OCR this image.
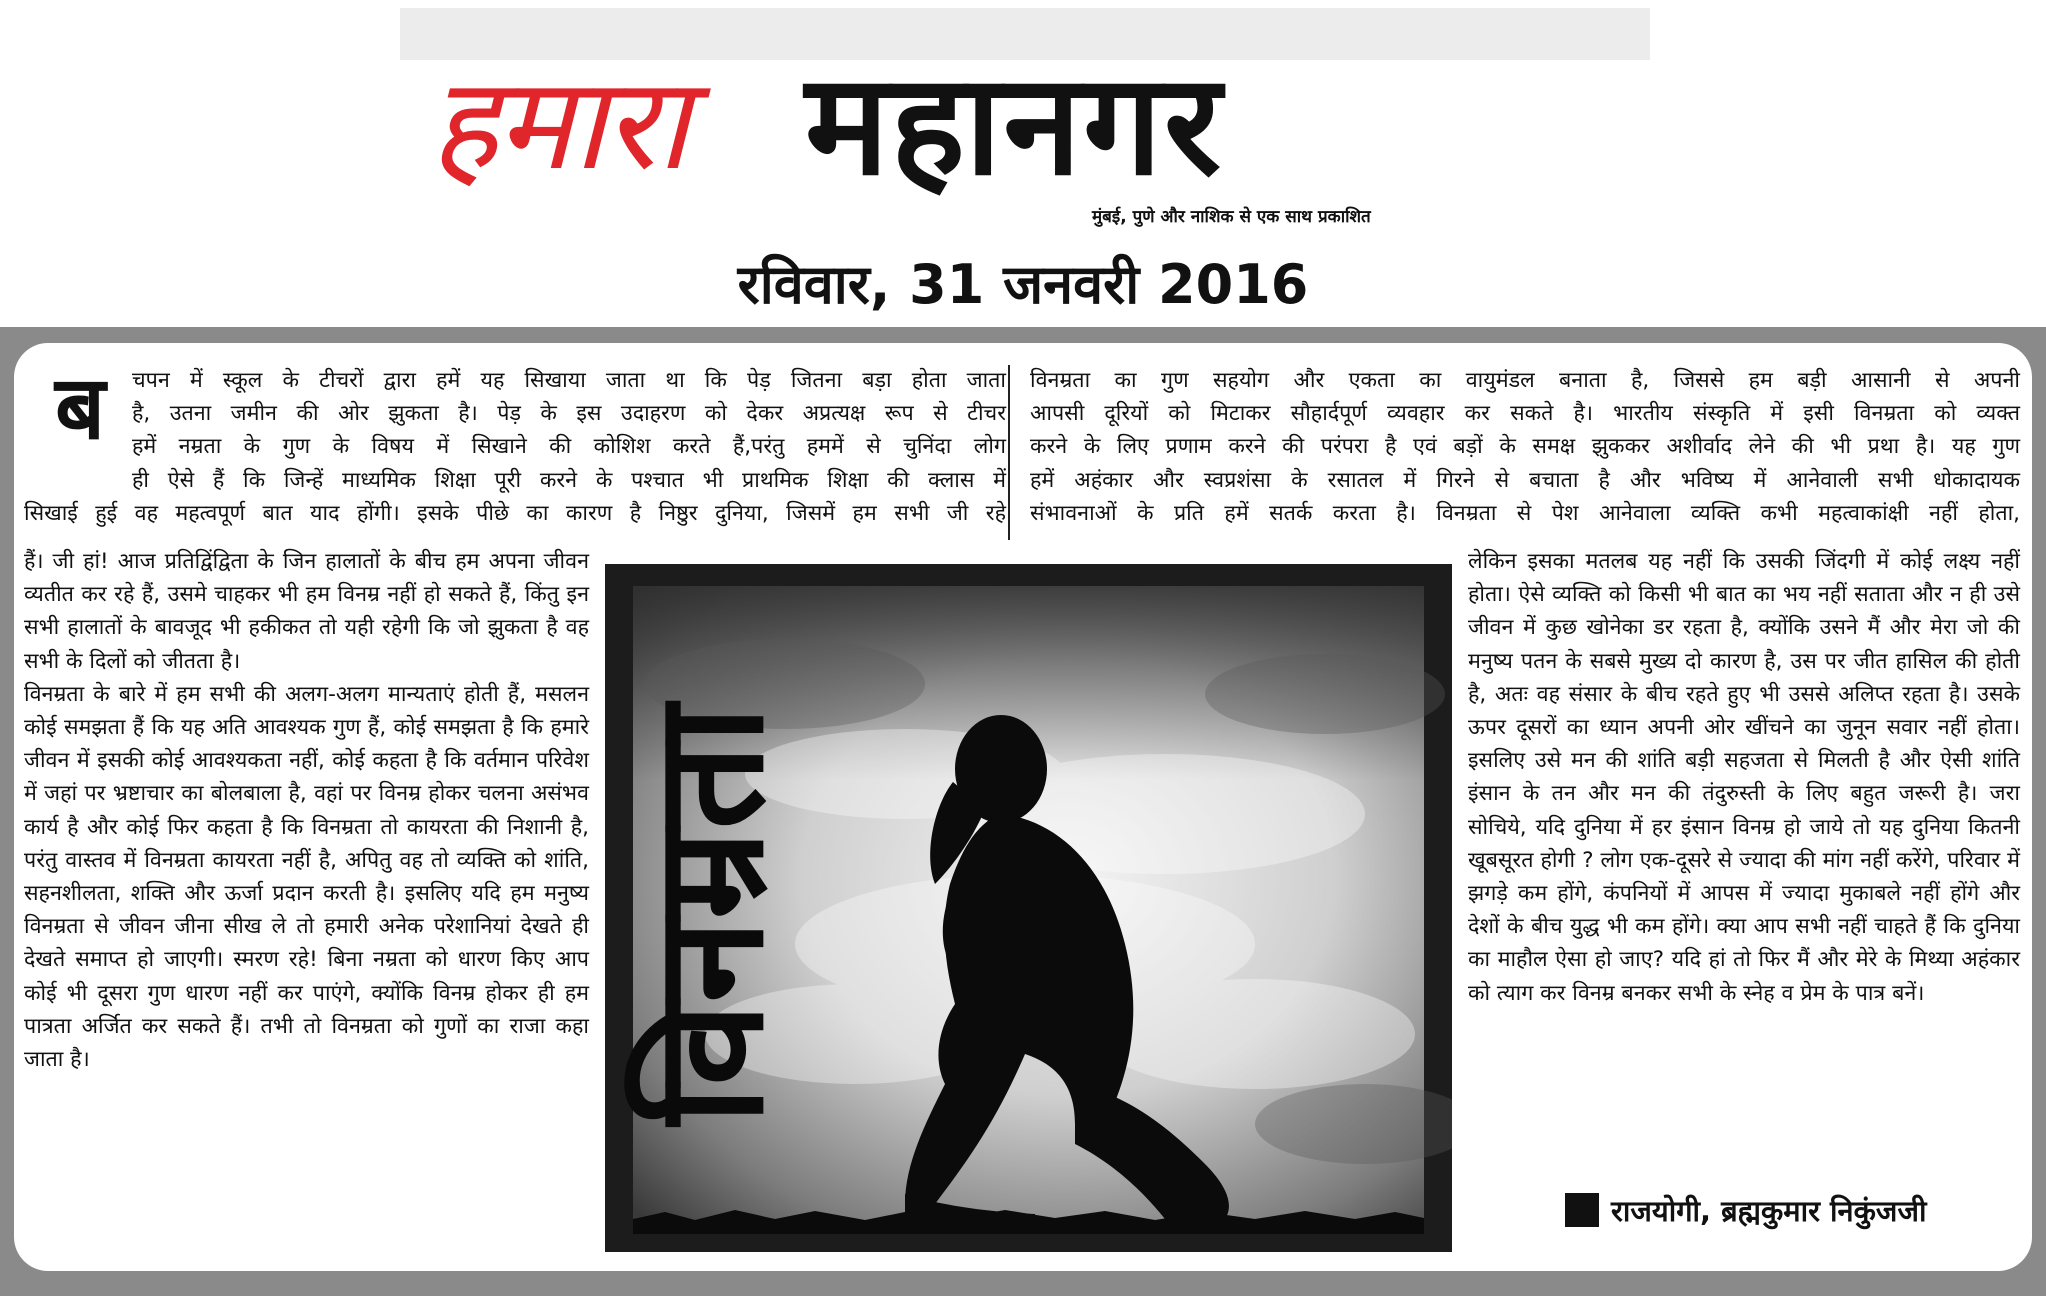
हमारा महानगर
मुंबई, पुणे और नाशिक से एक साथ प्रकाशित
रविवार, 31 जनवरी 2016
ब	चपन में स्कूल के टीचरों द्वारा हमें यह सिखाया जाता था कि पेड़ जितना बड़ा होता जाता
है, उतना जमीन की ओर झुकता है। पेड़ के इस उदाहरण को देकर अप्रत्यक्ष रूप से टीचर
हमें नम्रता के गुण के विषय में सिखाने की कोशिश करते हैं,परंतु हममें से चुनिंदा लोग
ही ऐसे हैं कि जिन्हें माध्यमिक शिक्षा पूरी करने के पश्चात भी प्राथमिक शिक्षा की क्लास में
सिखाई हुई वह महत्वपूर्ण बात याद होंगी। इसके पीछे का कारण है निष्ठुर दुनिया, जिसमें हम सभी जी रहे
विनम्रता का गुण सहयोग और एकता का वायुमंडल बनाता है, जिससे हम बड़ी आसानी से अपनी
आपसी दूरियों को मिटाकर सौहार्दपूर्ण व्यवहार कर सकते है। भारतीय संस्कृति में इसी विनम्रता को व्यक्त
करने के लिए प्रणाम करने की परंपरा है एवं बड़ों के समक्ष झुककर अशीर्वाद लेने की भी प्रथा है। यह गुण
हमें अहंकार और स्वप्रशंसा के रसातल में गिरने से बचाता है और भविष्य में आनेवाली सभी धोकादायक
संभावनाओं के प्रति हमें सतर्क करता है। विनम्रता से पेश आनेवाला व्यक्ति कभी महत्वाकांक्षी नहीं होता,

हैं। जी हां! आज प्रतिद्विंद्विता के जिन हालातों के बीच हम अपना जीवन व्यतीत कर रहे हैं, उसमे चाहकर भी हम विनम्र नहीं हो सकते हैं, किंतु इन सभी हालातों के बावजूद भी हकीकत तो यही रहेगी कि जो झुकता है वह सभी के दिलों को जीतता है।

विनम्रता के बारे में हम सभी की अलग-अलग मान्यताएं होती हैं, मसलन कोई समझता हैं कि यह अति आवश्यक गुण हैं, कोई समझता है कि हमारे जीवन में इसकी कोई आवश्यकता नहीं, कोई कहता है कि वर्तमान परिवेश में जहां पर भ्रष्टाचार का बोलबाला है, वहां पर विनम्र होकर चलना असंभव कार्य है और कोई फिर कहता है कि विनम्रता तो कायरता की निशानी है, परंतु वास्तव में विनम्रता कायरता नहीं है, अपितु वह तो व्यक्ति को शांति, सहनशीलता, शक्ति और ऊर्जा प्रदान करती है। इसलिए यदि हम मनुष्य विनम्रता से जीवन जीना सीख ले तो हमारी अनेक परेशानियां देखते ही देखते समाप्त हो जाएगी। स्मरण रहे! बिना नम्रता को धारण किए आप कोई भी दूसरा गुण धारण नहीं कर पाएंगे, क्योंकि विनम्र होकर ही हम पात्रता अर्जित कर सकते हैं। तभी तो विनम्रता को गुणों का राजा कहा जाता है।

लेकिन इसका मतलब यह नहीं कि उसकी जिंदगी में कोई लक्ष्य नहीं होता। ऐसे व्यक्ति को किसी भी बात का भय नहीं सताता और न ही उसे जीवन में कुछ खोनेका डर रहता है, क्योंकि उसने मैं और मेरा जो की मनुष्य पतन के सबसे मुख्य दो कारण है, उस पर जीत हासिल की होती है, अतः वह संसार के बीच रहते हुए भी उससे अलिप्त रहता है। उसके ऊपर दूसरों का ध्यान अपनी ओर खींचने का जुनून सवार नहीं होता। इसलिए उसे मन की शांति बड़ी सहजता से मिलती है और ऐसी शांति इंसान के तन और मन की तंदुरुस्ती के लिए बहुत जरूरी है। जरा सोचिये, यदि दुनिया में हर इंसान विनम्र हो जाये तो यह दुनिया कितनी खूबसूरत होगी ? लोग एक-दूसरे से ज्यादा की मांग नहीं करेंगे, परिवार में झगड़े कम होंगे, कंपनियों में आपस में ज्यादा मुकाबले नहीं होंगे और देशों के बीच युद्ध भी कम होंगे। क्या आप सभी नहीं चाहते हैं कि दुनिया का माहौल ऐसा हो जाए? यदि हां तो फिर मैं और मेरे के मिथ्या अहंकार को त्याग कर विनम्र बनकर सभी के स्नेह व प्रेम के पात्र बनें।

विनम्रता
राजयोगी, ब्रह्मकुमार निकुंजजी
